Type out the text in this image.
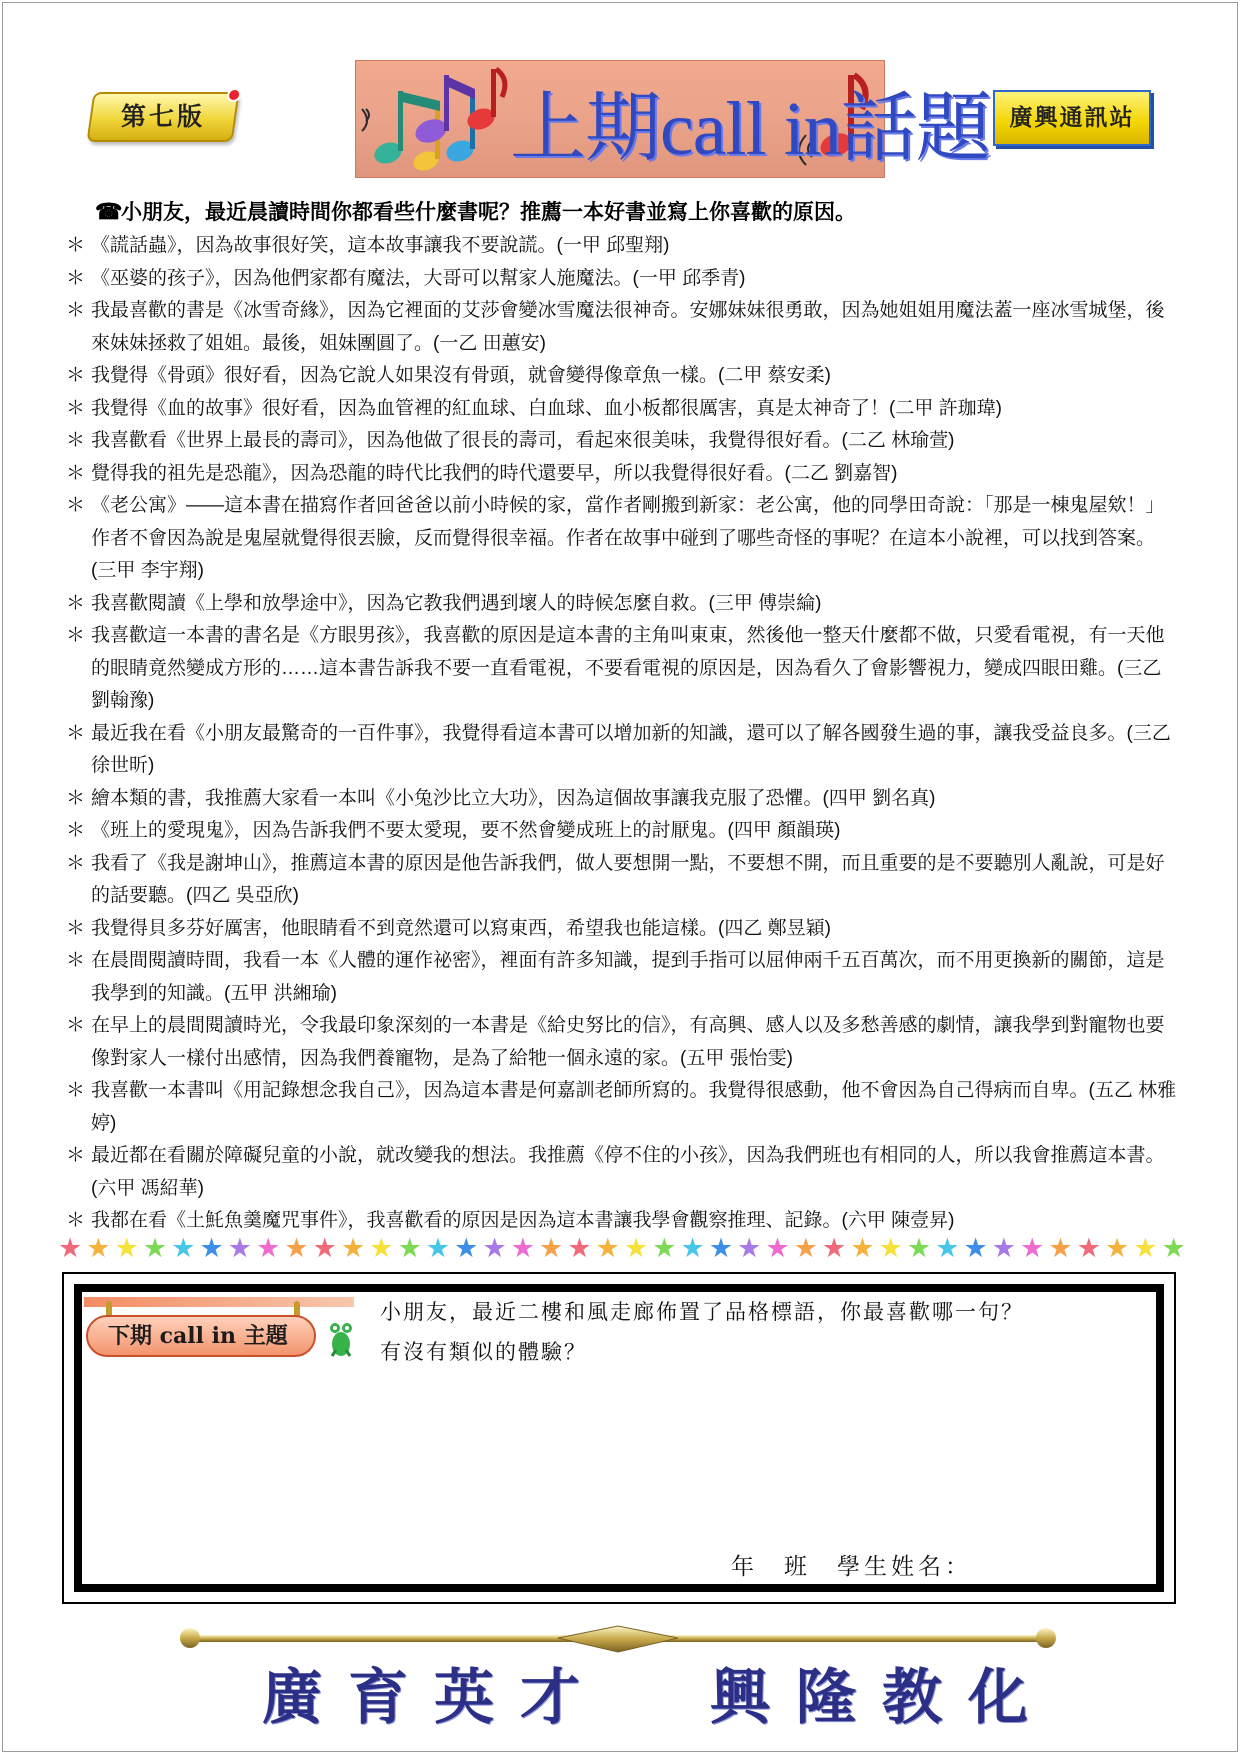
第七版	上期call in話題 廣興通訊站
☎小朋友，最近晨讀時間你都看些什麼書呢？推薦一本好書並寫上你喜歡的原因。
＊ 《謊話蟲》，因為故事很好笑，這本故事讓我不要說謊。(一甲 邱聖翔)
＊ 《巫婆的孩子》，因為他們家都有魔法，大哥可以幫家人施魔法。(一甲 邱季青)
＊ 我最喜歡的書是《冰雪奇緣》，因為它裡面的艾莎會變冰雪魔法很神奇。安娜妹妹很勇敢，因為她姐姐用魔法蓋一座冰雪城堡，後來妹妹拯救了姐姐。最後，姐妹團圓了。(一乙 田蕙安)
＊ 我覺得《骨頭》很好看，因為它說人如果沒有骨頭，就會變得像章魚一樣。(二甲 蔡安柔)
＊ 我覺得《血的故事》很好看，因為血管裡的紅血球、白血球、血小板都很厲害，真是太神奇了！(二甲 許珈瑋)
＊ 我喜歡看《世界上最長的壽司》，因為他做了很長的壽司，看起來很美味，我覺得很好看。(二乙 林瑜萱)
＊ 覺得我的祖先是恐龍》，因為恐龍的時代比我們的時代還要早，所以我覺得很好看。(二乙 劉嘉智)
＊ 《老公寓》——這本書在描寫作者回爸爸以前小時候的家，當作者剛搬到新家：老公寓，他的同學田奇說：「那是一棟鬼屋欸！」作者不會因為說是鬼屋就覺得很丟臉，反而覺得很幸福。作者在故事中碰到了哪些奇怪的事呢？在這本小說裡，可以找到答案。(三甲 李宇翔)
＊ 我喜歡閱讀《上學和放學途中》，因為它教我們遇到壞人的時候怎麼自救。(三甲 傅崇綸)
＊ 我喜歡這一本書的書名是《方眼男孩》，我喜歡的原因是這本書的主角叫東東，然後他一整天什麼都不做，只愛看電視，有一天他的眼睛竟然變成方形的……這本書告訴我不要一直看電視，不要看電視的原因是，因為看久了會影響視力，變成四眼田雞。(三乙 劉翰豫)
＊ 最近我在看《小朋友最驚奇的一百件事》，我覺得看這本書可以增加新的知識，還可以了解各國發生過的事，讓我受益良多。(三乙 徐世昕)
＊ 繪本類的書，我推薦大家看一本叫《小兔沙比立大功》，因為這個故事讓我克服了恐懼。(四甲 劉名真)
＊ 《班上的愛現鬼》，因為告訴我們不要太愛現，要不然會變成班上的討厭鬼。(四甲 顏韻瑛)
＊ 我看了《我是謝坤山》，推薦這本書的原因是他告訴我們，做人要想開一點，不要想不開，而且重要的是不要聽別人亂說，可是好的話要聽。(四乙 吳亞欣)
＊ 我覺得貝多芬好厲害，他眼睛看不到竟然還可以寫東西，希望我也能這樣。(四乙 鄭昱穎)
＊ 在晨間閱讀時間，我看一本《人體的運作祕密》，裡面有許多知識，提到手指可以屈伸兩千五百萬次，而不用更換新的關節，這是我學到的知識。(五甲 洪緗瑜)
＊ 在早上的晨間閱讀時光，令我最印象深刻的一本書是《給史努比的信》，有高興、感人以及多愁善感的劇情，讓我學到對寵物也要像對家人一樣付出感情，因為我們養寵物，是為了給牠一個永遠的家。(五甲 張怡雯)
＊ 我喜歡一本書叫《用記錄想念我自己》，因為這本書是何嘉訓老師所寫的。我覺得很感動，他不會因為自己得病而自卑。(五乙 林雅婷)
＊ 最近都在看關於障礙兒童的小說，就改變我的想法。我推薦《停不住的小孩》，因為我們班也有相同的人，所以我會推薦這本書。(六甲 馮紹華)
＊ 我都在看《土魠魚羹魔咒事件》，我喜歡看的原因是因為這本書讓我學會觀察推理、記錄。(六甲 陳壹昇)
★ ★ ★ ★ ★ ★ ★ ★ ★ ★ ★ ★ ★ ★ ★ ★ ★ ★ ★ ★ ★ ★ ★ ★ ★ ★ ★ ★ ★ ★ ★ ★ ★ ★ ★ ★ ★ ★ ★ ★
下期 call in 主題
小朋友，最近二樓和風走廊佈置了品格標語，你最喜歡哪一句？
有沒有類似的體驗？
年 班 學生姓名：
廣育英才 興隆教化
